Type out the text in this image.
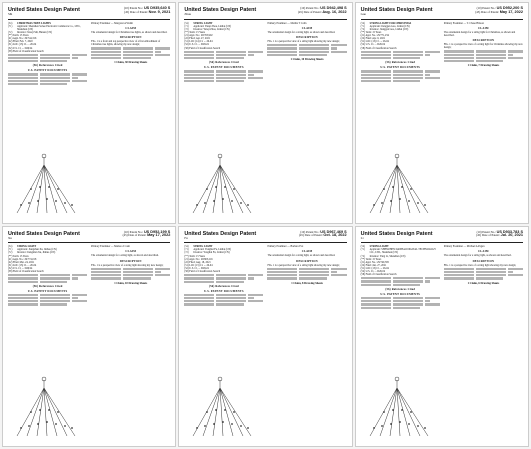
United States Design Patent
Shi
(10) Patent No.: US D935,640 S
(45) Date of Patent: Nov. 9, 2021
(54)	CHRISTMAS TREE LIGHTS
(71)	Applicant: Shenzhen Sobee Electronic Commerce Co., LTD., Shenzhen (CN)
(72)	Inventor: Xiaoji Shi, Hunan (CN)
(**) Term: 15 Years
(21) Appl. No.: 29/744,316
(22) Filed: Feb. 7, 2020
(51) LOC (13) Cl. ... 26-04
(52) U.S. Cl. ... D26/24
(58) Field of Classification Search
(56) References Cited
U.S. PATENT DOCUMENTS
Primary Examiner — Margaret A Walsh
CLAIM
The ornamental design for Christmas tree lights, as shown and described.
DESCRIPTION
FIG. 1 is a front and top perspective view of a first embodiment of Christmas tree lights, showing my new design;
1 Claim, 30 Drawing Sheets
United States Design Patent
Zhou
(10) Patent No.: US D942,498 S
(45) Date of Patent: Aug. 16, 2022
(54)	STRING LIGHT
(71)	Applicant: Yanqi Zhou, Linhai (CN)
(72)	Inventor: Yanqi Zhou, Linhai (CN)
(**) Term: 15 Years
(21) Appl. No.: 29/765,902
(22) Filed: Apr. 27, 2021
(51) LOC (14) Cl. ... 26-04
(52) U.S. Cl. ... D26/24
(58) Field of Classification Search
(56) References Cited
U.S. PATENT DOCUMENTS
Primary Examiner — Martha T Cohn
CLAIM
The ornamental design for a string light, as shown and described.
DESCRIPTION
FIG. 1 is a perspective view of a string light showing my new design;
1 Claim, 10 Drawing Sheets
United States Design Patent
Guo
(10) Patent No.: US D952,200 S
(45) Date of Patent: May 17, 2022
(54)	STRING LIGHT FOR CHRISTMAS
(71)	Applicant: Jianggen Guo, Linhai (CN)
(72)	Inventor: Jianggen Guo, Linhai (CN)
(**) Term: 15 Years
(21) Appl. No.: 29/771,234
(22) Filed: Apr. 6, 2021
(51) LOC (13) Cl. ... 26-04
(52) U.S. Cl. ... D26/24
(58) Field of Classification Search
(56) References Cited
U.S. PATENT DOCUMENTS
Primary Examiner — T. Chase Hinson
CLAIM
The ornamental design for a string light for Christmas, as shown and described.
DESCRIPTION
FIG. 1 is a perspective view of a string light for Christmas showing my new design;
1 Claim, 7 Drawing Sheets
United States Design Patent
Xu
(10) Patent No.: US D952,199 S
(45) Date of Patent: May 17, 2022
(54)	STRING LIGHT
(71)	Applicant: Jiangshan Xu, Jinhua (CN)
(72)	Inventor: Jiangshan Xu, Jinhua (CN)
(**) Term: 15 Years
(21) Appl. No.: 29/774,018
(22) Filed: Mar. 24, 2021
(51) LOC (13) Cl. ... 26-04
(52) U.S. Cl. ... D26/24
(58) Field of Classification Search
(56) References Cited
U.S. PATENT DOCUMENTS
Primary Examiner — Marissa J Cash
CLAIM
The ornamental design for a string light, as shown and described.
DESCRIPTION
FIG. 1 is a perspective view of a string light showing my new design;
1 Claim, 10 Drawing Sheets
United States Design Patent
Fu
(10) Patent No.: US D967,469 S
(45) Date of Patent: Oct. 18, 2022
(54)	STRING LIGHT
(71)	Applicant: Yonghui Fu, Linhai (CN)
(72)	Inventor: Yonghui Fu, Linhai (CN)
(**) Term: 15 Years
(21) Appl. No.: 29/803,216
(22) Filed: Aug. 18, 2021
(51) LOC (13) Cl. ... 26-04
(52) U.S. Cl. ... D26/24
(58) Field of Classification Search
(56) References Cited
U.S. PATENT DOCUMENTS
Primary Examiner — Barbara Fox
CLAIM
The ornamental design for a string light, as shown and described.
DESCRIPTION
FIG. 1 is a perspective view of a string light showing my new design;
1 Claim, 8 Drawing Sheets
United States Design Patent
Li
(10) Patent No.: US D933,783 S
(45) Date of Patent: Jul. 20, 2021
(54)	STRING LIGHT
(71)	Applicant: SHENZHEN DANHAO DIGITAL TECHNOLOGY CO., LTD., Shenzhen (CN)
(72)	Inventor: Yang Li, Shenzhen (CN)
(**) Term: 15 Years
(21) Appl. No.: 29/740,585
(22) Filed: Jun. 27, 2021
(51) LOC (13) Cl. ... 26-04
(52) U.S. Cl. ... D26/24
(58) Field of Classification Search
(56) References Cited
U.S. PATENT DOCUMENTS
Primary Examiner — Michael A Pagan
CLAIM
The ornamental design for a string light, as shown and described.
DESCRIPTION
FIG. 1 is a perspective view of a string light showing my new design;
1 Claim, 6 Drawing Sheets
